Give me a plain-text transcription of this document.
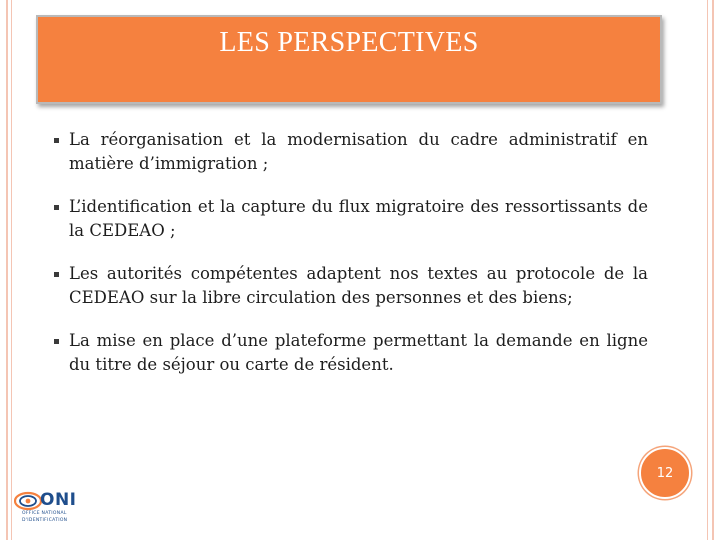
LES PERSPECTIVES
La réorganisation et la modernisation du cadre administratif en matière d’immigration ;
L’identification et la capture du flux migratoire des ressortissants de la CEDEAO ;
Les autorités compétentes adaptent nos textes au protocole de la CEDEAO sur la libre circulation des personnes et des biens;
La mise en place d’une plateforme permettant la demande en ligne du titre de séjour ou carte de résident.
12
ONI
OFFICE NATIONAL
D'IDENTIFICATION
